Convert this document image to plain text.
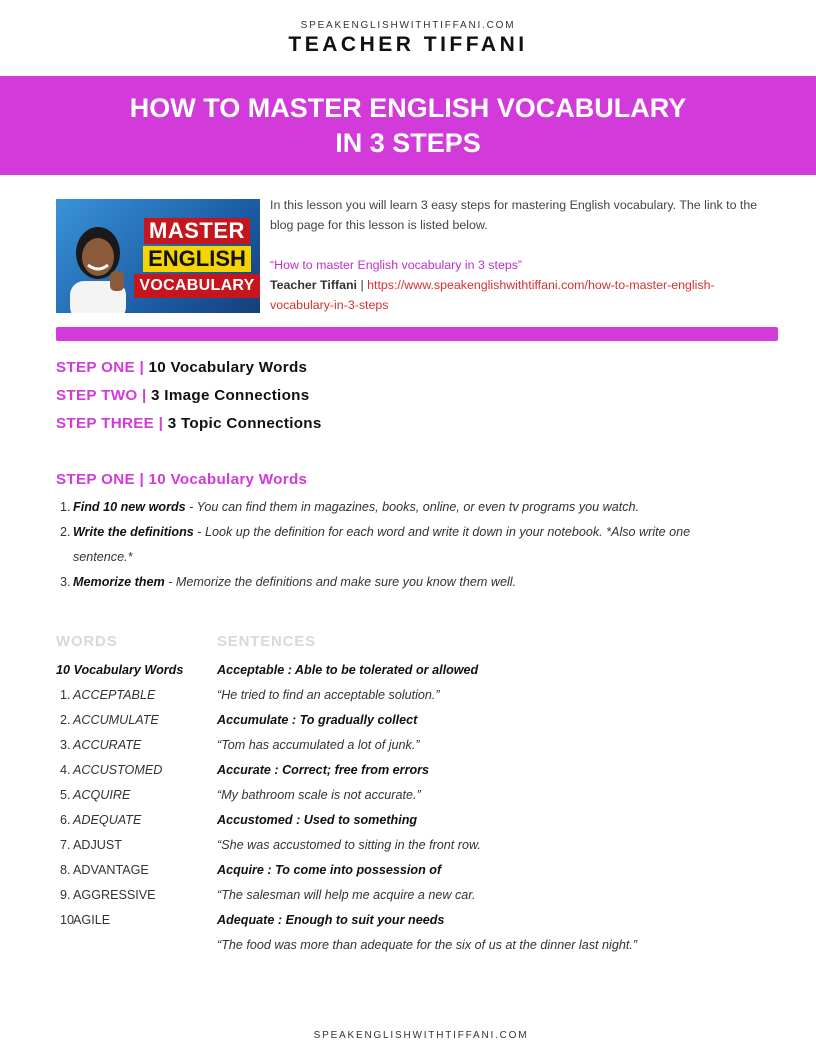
SPEAKENGLISHWITHTIFFANI.COM
TEACHER TIFFANI
HOW TO MASTER ENGLISH VOCABULARY
IN 3 STEPS
MASTER
ENGLISH
VOCABULARY

In this lesson you will learn 3 easy steps for mastering English vocabulary. The link to the blog page for this lesson is listed below.

“How to master English vocabulary in 3 steps”

Teacher Tiffani | https://www.speakenglishwithtiffani.com/how-to-master-english-vocabulary-in-3-steps

STEP ONE | 10 Vocabulary Words
STEP TWO | 3 Image Connections
STEP THREE | 3 Topic Connections
STEP ONE | 10 Vocabulary Words
1. Find 10 new words - You can find them in magazines, books, online, or even tv programs you watch.
2. Write the definitions - Look up the definition for each word and write it down in your notebook. *Also write one
sentence.*
3. Memorize them - Memorize the definitions and make sure you know them well.
WORDS	SENTENCES
10 Vocabulary Words
1. ACCEPTABLE
2. ACCUMULATE
3. ACCURATE
4. ACCUSTOMED
5. ACQUIRE
6. ADEQUATE
7. ADJUST
8. ADVANTAGE
9. AGGRESSIVE
10
AGILE
Acceptable : Able to be tolerated or allowed
“He tried to find an acceptable solution.”
Accumulate : To gradually collect
“Tom has accumulated a lot of junk.”
Accurate : Correct; free from errors
“My bathroom scale is not accurate.”
Accustomed : Used to something
“She was accustomed to sitting in the front row.
Acquire : To come into possession of
“The salesman will help me acquire a new car.
Adequate : Enough to suit your needs
“The food was more than adequate for the six of us at the dinner last night.”
SPEAKENGLISHWITHTIFFANI.COM
